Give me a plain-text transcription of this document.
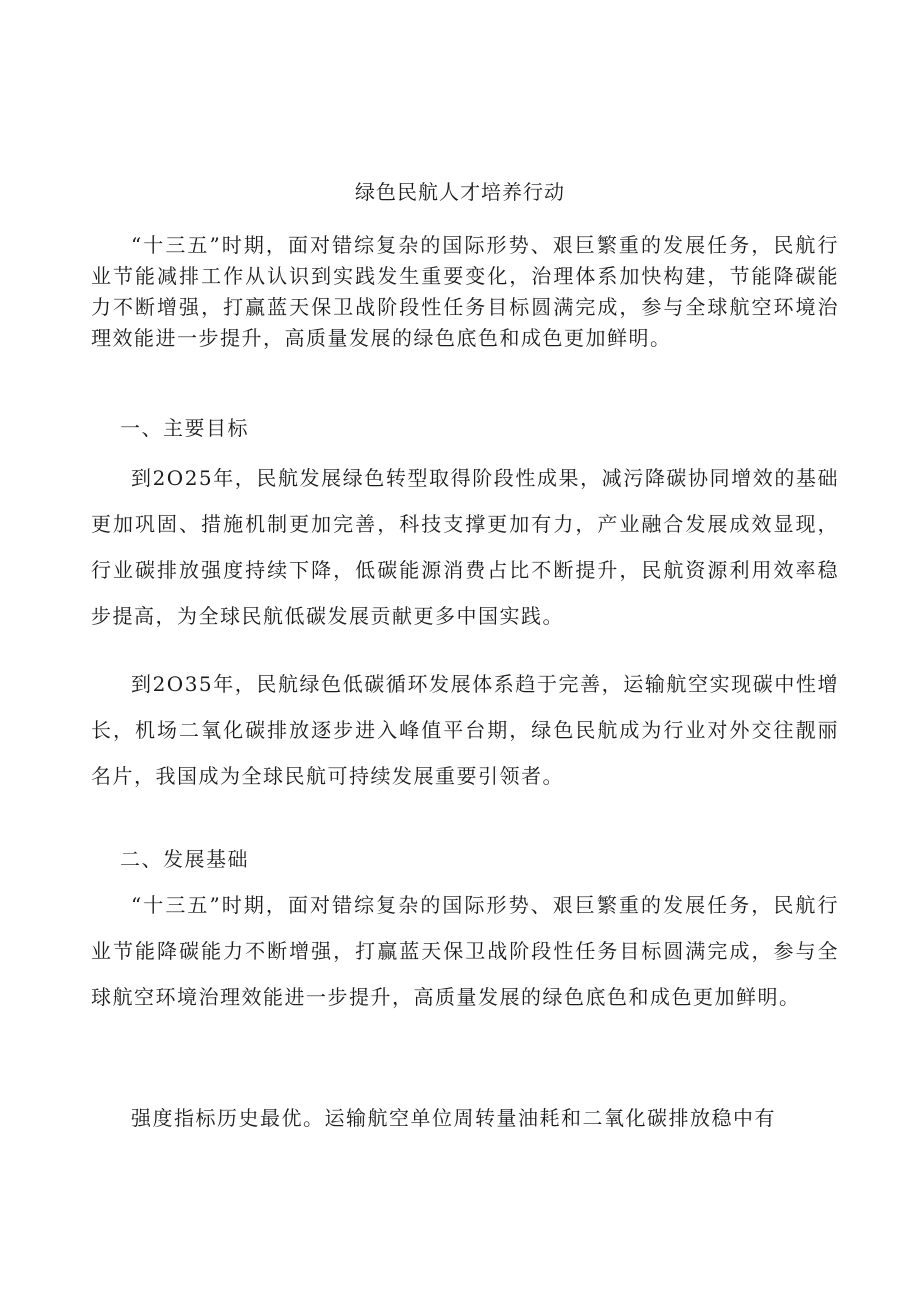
绿色民航人才培养行动

“十三五”时期，面对错综复杂的国际形势、艰巨繁重的发展任务，民航行业节能减排工作从认识到实践发生重要变化，治理体系加快构建，节能降碳能力不断增强，打赢蓝天保卫战阶段性任务目标圆满完成，参与全球航空环境治理效能进一步提升，高质量发展的绿色底色和成色更加鲜明。

一、主要目标

到2O25年，民航发展绿色转型取得阶段性成果，减污降碳协同增效的基础更加巩固、措施机制更加完善，科技支撑更加有力，产业融合发展成效显现，行业碳排放强度持续下降，低碳能源消费占比不断提升，民航资源利用效率稳步提高，为全球民航低碳发展贡献更多中国实践。

到2O35年，民航绿色低碳循环发展体系趋于完善，运输航空实现碳中性增长，机场二氧化碳排放逐步进入峰值平台期，绿色民航成为行业对外交往靓丽名片，我国成为全球民航可持续发展重要引领者。

二、发展基础

“十三五”时期，面对错综复杂的国际形势、艰巨繁重的发展任务，民航行业节能降碳能力不断增强，打赢蓝天保卫战阶段性任务目标圆满完成，参与全球航空环境治理效能进一步提升，高质量发展的绿色底色和成色更加鲜明。

强度指标历史最优。运输航空单位周转量油耗和二氧化碳排放稳中有
